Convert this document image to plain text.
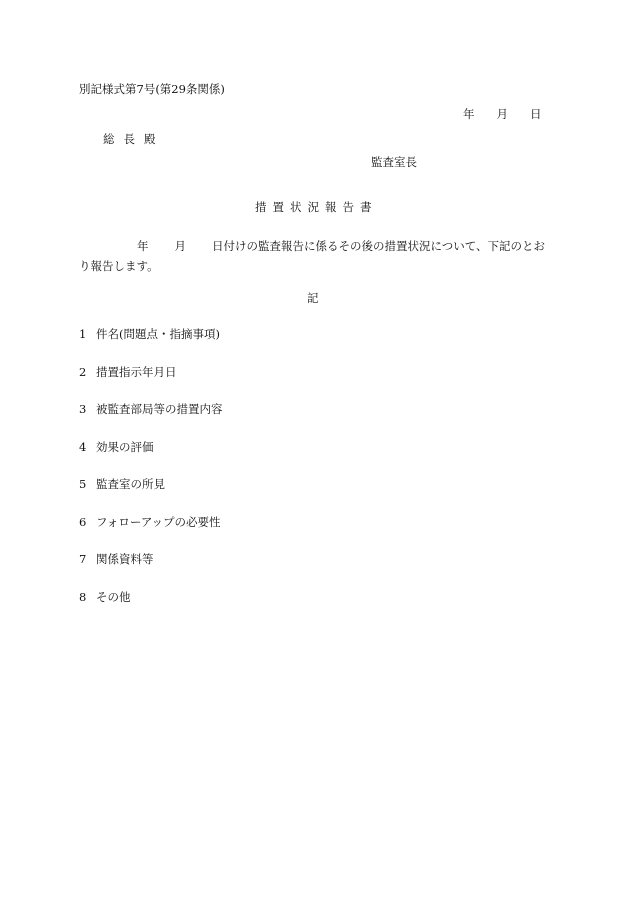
別記様式第7号(第29条関係)
年 月 日
総長殿
監査室長
措置状況報告書
年 月 日付けの監査報告に係るその後の措置状況について、下記のとおり報告します。
記
1 件名(問題点・指摘事項)
2 措置指示年月日
3 被監査部局等の措置内容
4 効果の評価
5 監査室の所見
6 フォローアップの必要性
7 関係資料等
8 その他
